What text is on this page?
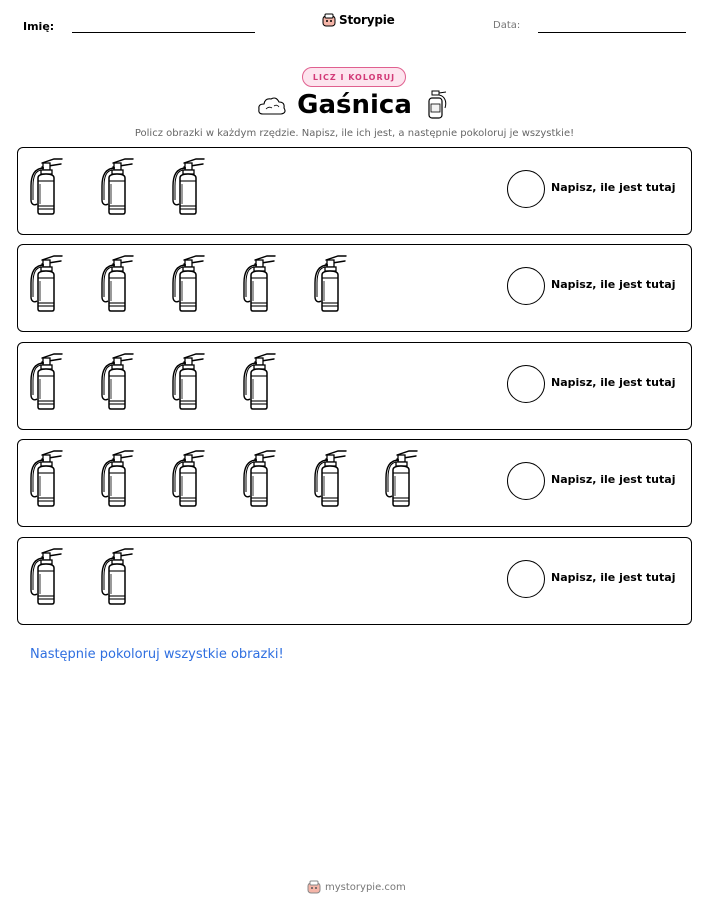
Imię:	Storypie	Data:
LICZ I KOLORUJ
Gaśnica
Policz obrazki w każdym rzędzie. Napisz, ile ich jest, a następnie pokoloruj je wszystkie!
Napisz, ile jest tutaj
Napisz, ile jest tutaj
Napisz, ile jest tutaj
Napisz, ile jest tutaj
Napisz, ile jest tutaj
Następnie pokoloruj wszystkie obrazki!
mystorypie.com
